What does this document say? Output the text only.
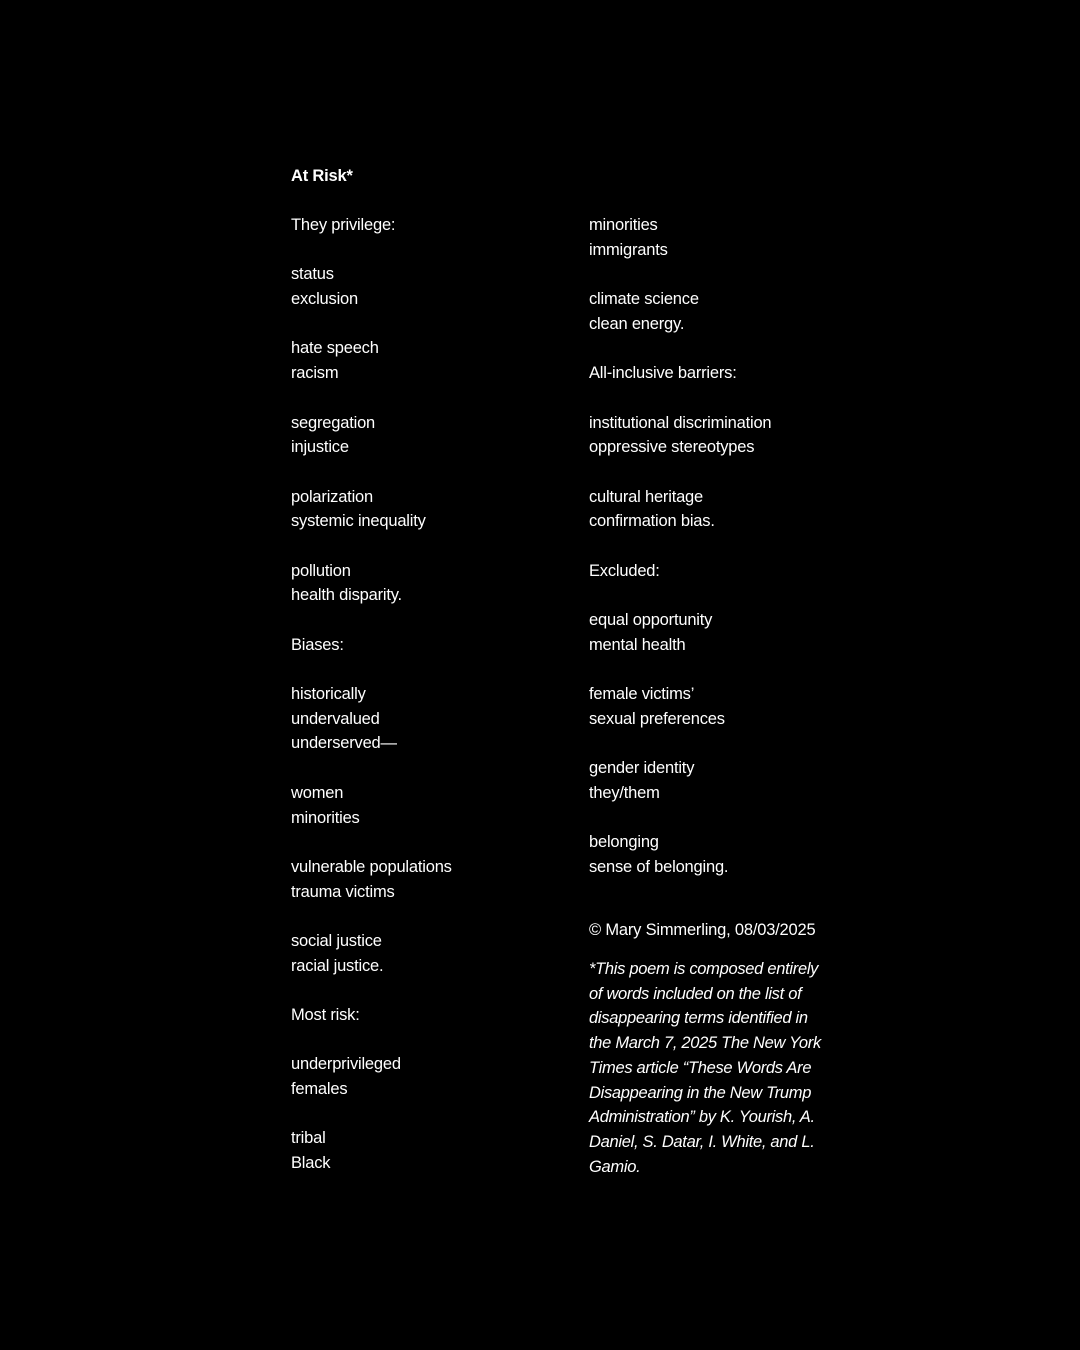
At Risk*
They privilege:
status
exclusion
hate speech
racism
segregation
injustice
polarization
systemic inequality
pollution
health disparity.
Biases:
historically
undervalued
underserved—
women
minorities
vulnerable populations
trauma victims
social justice
racial justice.
Most risk:
underprivileged
females
tribal
Black
minorities
immigrants
climate science
clean energy.
All-inclusive barriers:
institutional discrimination
oppressive stereotypes
cultural heritage
confirmation bias.
Excluded:
equal opportunity
mental health
female victims’
sexual preferences
gender identity
they/them
belonging
sense of belonging.
© Mary Simmerling, 08/03/2025
*This poem is composed entirely of words included on the list of disappearing terms identified in the March 7, 2025 The New York Times article “These Words Are Disappearing in the New Trump Administration” by K. Yourish, A. Daniel, S. Datar, I. White, and L. Gamio.
